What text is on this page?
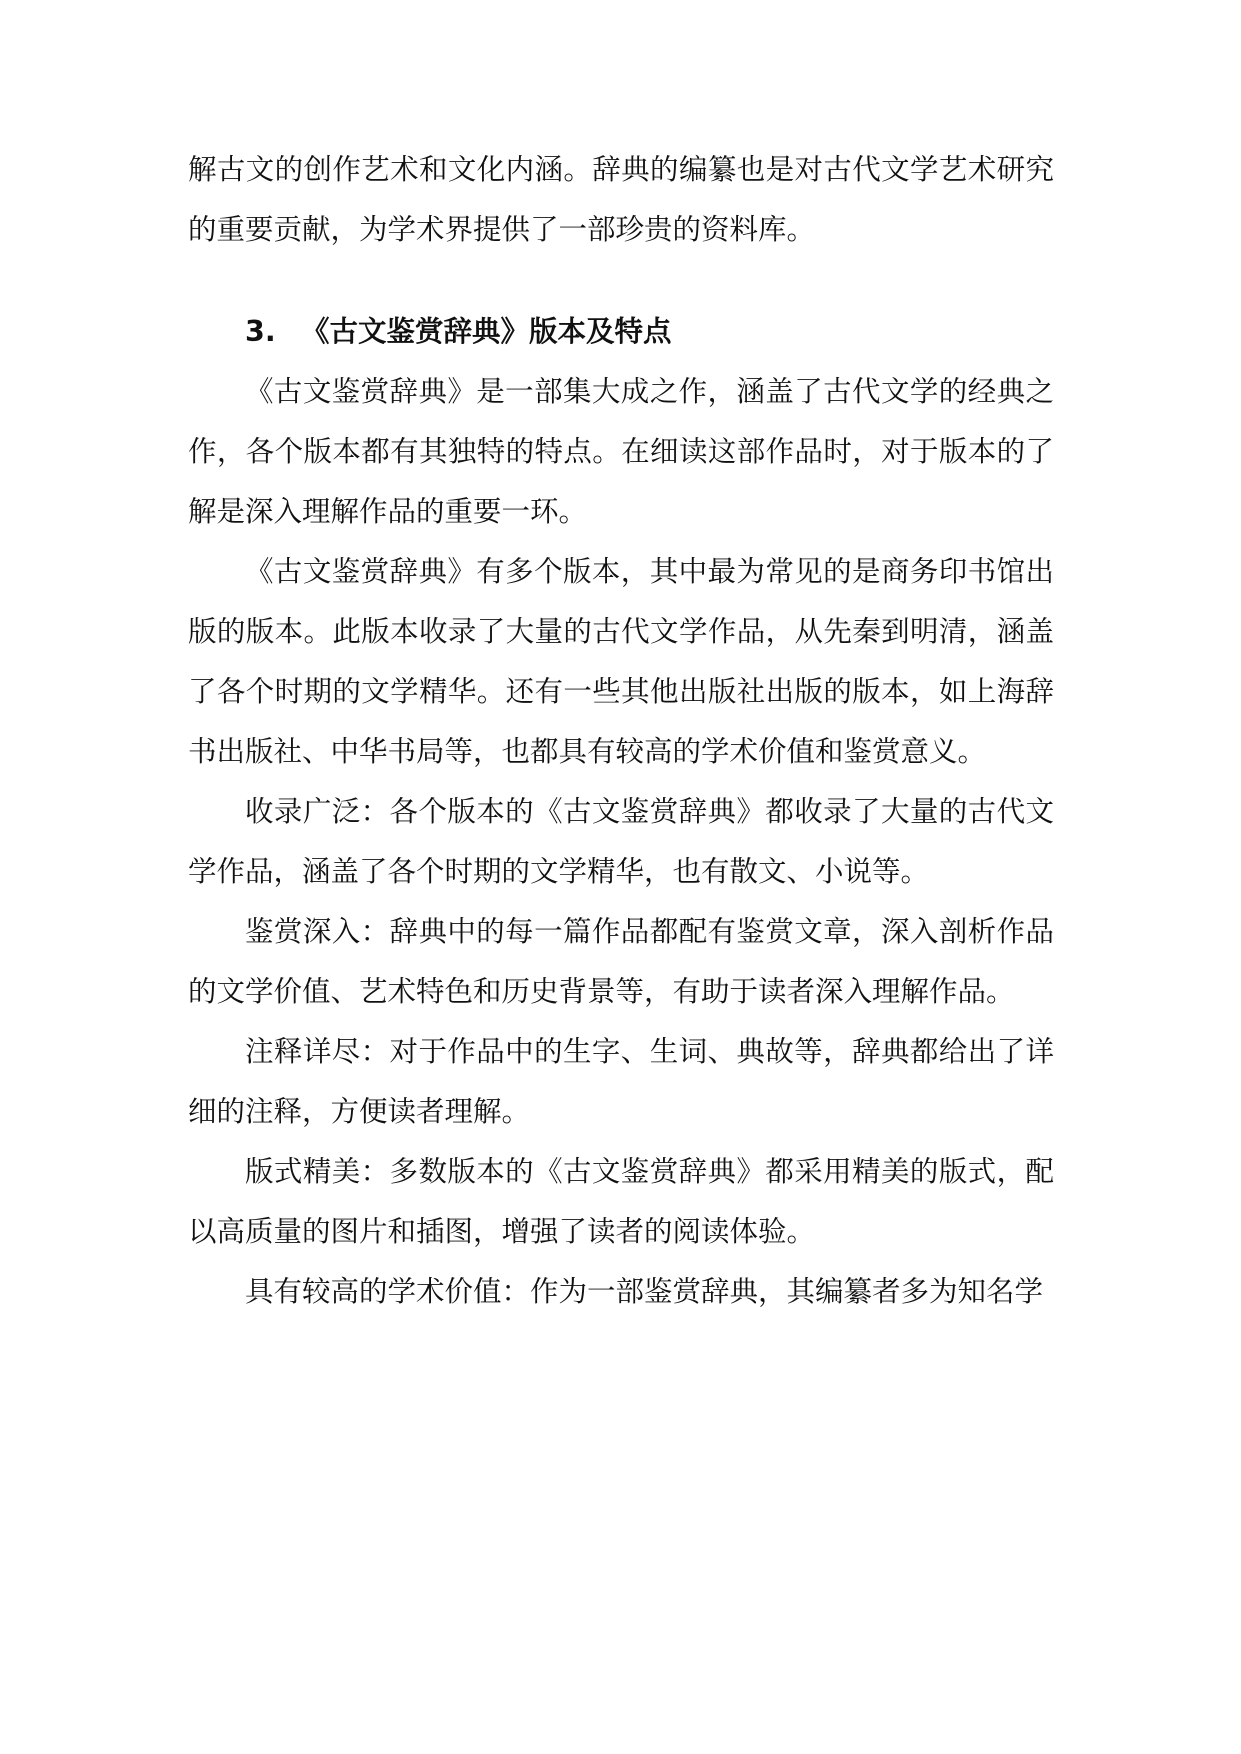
解古文的创作艺术和文化内涵。辞典的编纂也是对古代文学艺术研究的重要贡献，为学术界提供了一部珍贵的资料库。

3. 《古文鉴赏辞典》版本及特点

《古文鉴赏辞典》是一部集大成之作，涵盖了古代文学的经典之作，各个版本都有其独特的特点。在细读这部作品时，对于版本的了解是深入理解作品的重要一环。

《古文鉴赏辞典》有多个版本，其中最为常见的是商务印书馆出版的版本。此版本收录了大量的古代文学作品，从先秦到明清，涵盖了各个时期的文学精华。还有一些其他出版社出版的版本，如上海辞书出版社、中华书局等，也都具有较高的学术价值和鉴赏意义。

收录广泛：各个版本的《古文鉴赏辞典》都收录了大量的古代文学作品，涵盖了各个时期的文学精华，也有散文、小说等。

鉴赏深入：辞典中的每一篇作品都配有鉴赏文章，深入剖析作品的文学价值、艺术特色和历史背景等，有助于读者深入理解作品。

注释详尽：对于作品中的生字、生词、典故等，辞典都给出了详细的注释，方便读者理解。

版式精美：多数版本的《古文鉴赏辞典》都采用精美的版式，配以高质量的图片和插图，增强了读者的阅读体验。

具有较高的学术价值：作为一部鉴赏辞典，其编纂者多为知名学
